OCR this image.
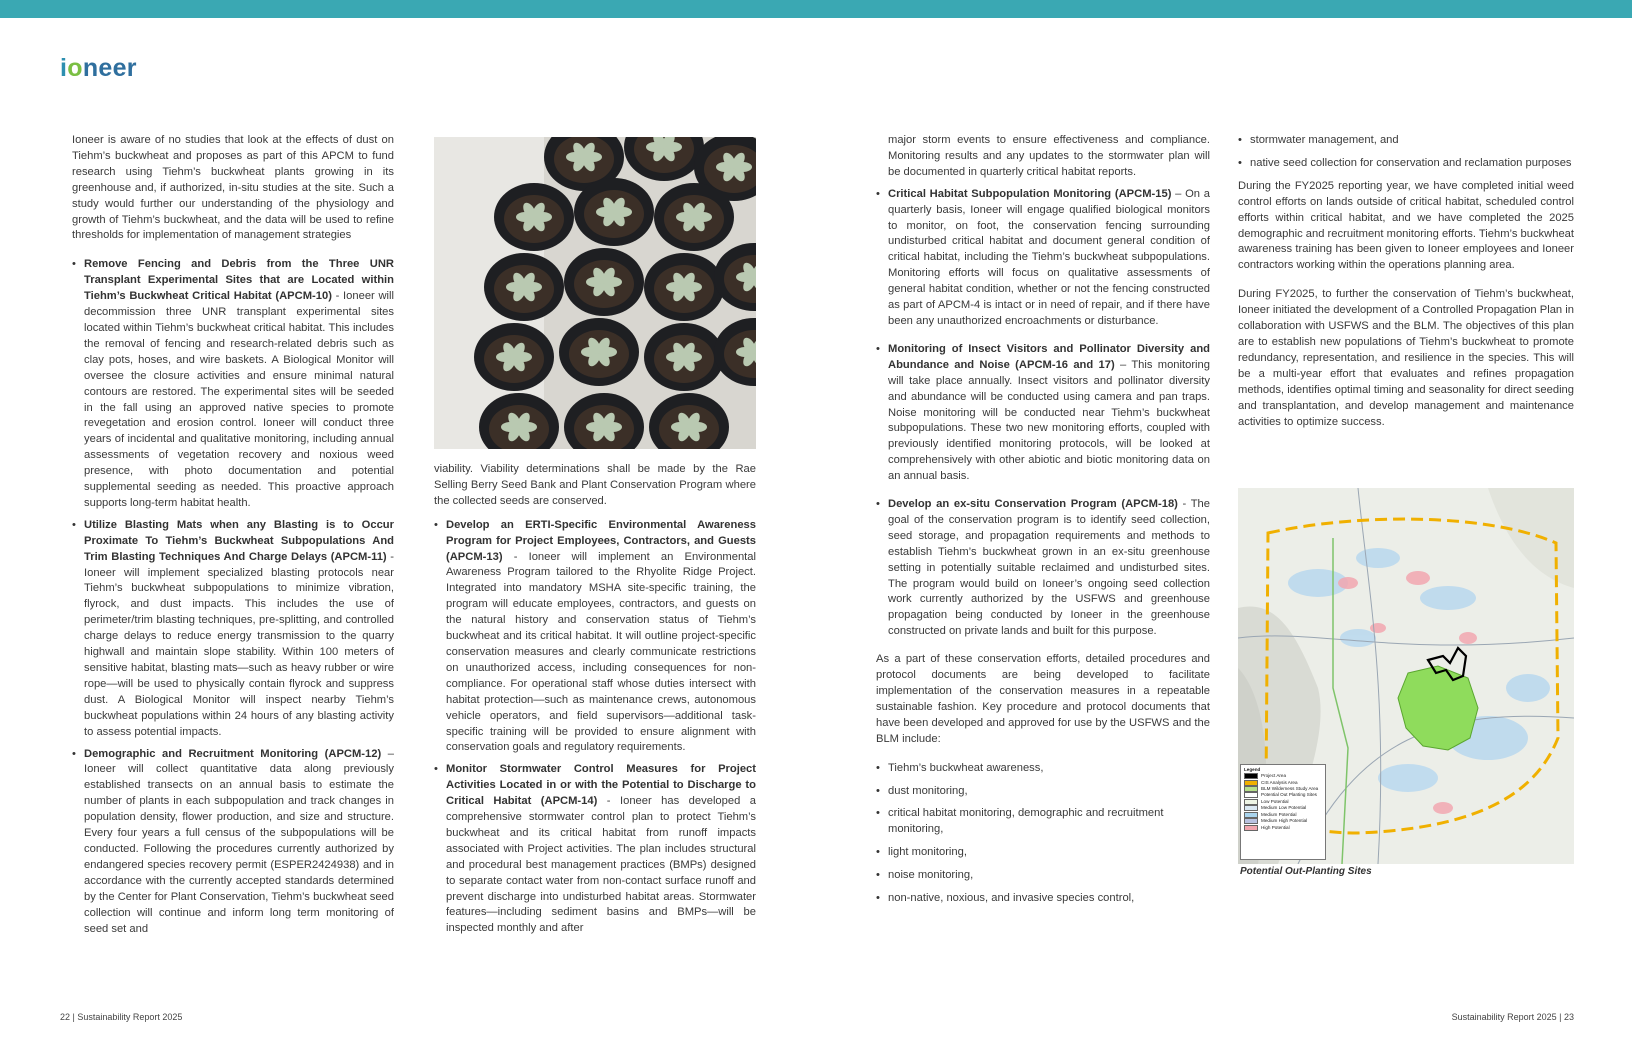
ioneer

Ioneer is aware of no studies that look at the effects of dust on Tiehm’s buckwheat and proposes as part of this APCM to fund research using Tiehm’s buckwheat plants growing in its greenhouse and, if authorized, in-situ studies at the site. Such a study would further our understanding of the physiology and growth of Tiehm’s buckwheat, and the data will be used to refine thresholds for implementation of management strategies

• Remove Fencing and Debris from the Three UNR Transplant Experimental Sites that are Located within Tiehm’s Buckwheat Critical Habitat (APCM-10) - Ioneer will decommission three UNR transplant experimental sites located within Tiehm’s buckwheat critical habitat. This includes the removal of fencing and research-related debris such as clay pots, hoses, and wire baskets. A Biological Monitor will oversee the closure activities and ensure minimal natural contours are restored. The experimental sites will be seeded in the fall using an approved native species to promote revegetation and erosion control. Ioneer will conduct three years of incidental and qualitative monitoring, including annual assessments of vegetation recovery and noxious weed presence, with photo documentation and potential supplemental seeding as needed. This proactive approach supports long-term habitat health.
• Utilize Blasting Mats when any Blasting is to Occur Proximate To Tiehm’s Buckwheat Subpopulations And Trim Blasting Techniques And Charge Delays (APCM-11) - Ioneer will implement specialized blasting protocols near Tiehm’s buckwheat subpopulations to minimize vibration, flyrock, and dust impacts. This includes the use of perimeter/trim blasting techniques, pre-splitting, and controlled charge delays to reduce energy transmission to the quarry highwall and maintain slope stability. Within 100 meters of sensitive habitat, blasting mats—such as heavy rubber or wire rope—will be used to physically contain flyrock and suppress dust. A Biological Monitor will inspect nearby Tiehm’s buckwheat populations within 24 hours of any blasting activity to assess potential impacts.
• Demographic and Recruitment Monitoring (APCM-12) – Ioneer will collect quantitative data along previously established transects on an annual basis to estimate the number of plants in each subpopulation and track changes in population density, flower production, and size and structure. Every four years a full census of the subpopulations will be conducted. Following the procedures currently authorized by endangered species recovery permit (ESPER2424938) and in accordance with the currently accepted standards determined by the Center for Plant Conservation, Tiehm’s buckwheat seed collection will continue and inform long term monitoring of seed set and

viability. Viability determinations shall be made by the Rae Selling Berry Seed Bank and Plant Conservation Program where the collected seeds are conserved.

• Develop an ERTI-Specific Environmental Awareness Program for Project Employees, Contractors, and Guests (APCM-13) - Ioneer will implement an Environmental Awareness Program tailored to the Rhyolite Ridge Project. Integrated into mandatory MSHA site-specific training, the program will educate employees, contractors, and guests on the natural history and conservation status of Tiehm’s buckwheat and its critical habitat. It will outline project-specific conservation measures and clearly communicate restrictions on unauthorized access, including consequences for non-compliance. For operational staff whose duties intersect with habitat protection—such as maintenance crews, autonomous vehicle operators, and field supervisors—additional task-specific training will be provided to ensure alignment with conservation goals and regulatory requirements.
• Monitor Stormwater Control Measures for Project Activities Located in or with the Potential to Discharge to Critical Habitat (APCM-14) - Ioneer has developed a comprehensive stormwater control plan to protect Tiehm’s buckwheat and its critical habitat from runoff impacts associated with Project activities. The plan includes structural and procedural best management practices (BMPs) designed to separate contact water from non-contact surface runoff and prevent discharge into undisturbed habitat areas. Stormwater features—including sediment basins and BMPs—will be inspected monthly and after

major storm events to ensure effectiveness and compliance. Monitoring results and any updates to the stormwater plan will be documented in quarterly critical habitat reports.

• Critical Habitat Subpopulation Monitoring (APCM-15) – On a quarterly basis, Ioneer will engage qualified biological monitors to monitor, on foot, the conservation fencing surrounding undisturbed critical habitat and document general condition of critical habitat, including the Tiehm’s buckwheat subpopulations. Monitoring efforts will focus on qualitative assessments of general habitat condition, whether or not the fencing constructed as part of APCM-4 is intact or in need of repair, and if there have been any unauthorized encroachments or disturbance.
• Monitoring of Insect Visitors and Pollinator Diversity and Abundance and Noise (APCM-16 and 17) – This monitoring will take place annually. Insect visitors and pollinator diversity and abundance will be conducted using camera and pan traps. Noise monitoring will be conducted near Tiehm’s buckwheat subpopulations. These two new monitoring efforts, coupled with previously identified monitoring protocols, will be looked at comprehensively with other abiotic and biotic monitoring data on an annual basis.
• Develop an ex-situ Conservation Program (APCM-18) - The goal of the conservation program is to identify seed collection, seed storage, and propagation requirements and methods to establish Tiehm’s buckwheat grown in an ex-situ greenhouse setting in potentially suitable reclaimed and undisturbed sites. The program would build on Ioneer’s ongoing seed collection work currently authorized by the USFWS and greenhouse propagation being conducted by Ioneer in the greenhouse constructed on private lands and built for this purpose.

As a part of these conservation efforts, detailed procedures and protocol documents are being developed to facilitate implementation of the conservation measures in a repeatable sustainable fashion. Key procedure and protocol documents that have been developed and approved for use by the USFWS and the BLM include:

• Tiehm’s buckwheat awareness,
• dust monitoring,
• critical habitat monitoring, demographic and recruitment monitoring,
• light monitoring,
• noise monitoring,
• non-native, noxious, and invasive species control,
• stormwater management, and
• native seed collection for conservation and reclamation purposes

During the FY2025 reporting year, we have completed initial weed control efforts on lands outside of critical habitat, scheduled control efforts within critical habitat, and we have completed the 2025 demographic and recruitment monitoring efforts. Tiehm’s buckwheat awareness training has been given to Ioneer employees and Ioneer contractors working within the operations planning area.

During FY2025, to further the conservation of Tiehm’s buckwheat, Ioneer initiated the development of a Controlled Propagation Plan in collaboration with USFWS and the BLM. The objectives of this plan are to establish new populations of Tiehm’s buckwheat to promote redundancy, representation, and resilience in the species. This will be a multi-year effort that evaluates and refines propagation methods, identifies optimal timing and seasonality for direct seeding and transplantation, and develop management and maintenance activities to optimize success.

Legend
Project Area
CIS Analysis Area
BLM Wilderness Study Area
Potential Out Planting Sites
Low Potential
Medium Low Potential
Medium Potential
Medium High Potential
High Potential
Potential Out-Planting Sites
22 | Sustainability Report 2025	Sustainability Report 2025 | 23
